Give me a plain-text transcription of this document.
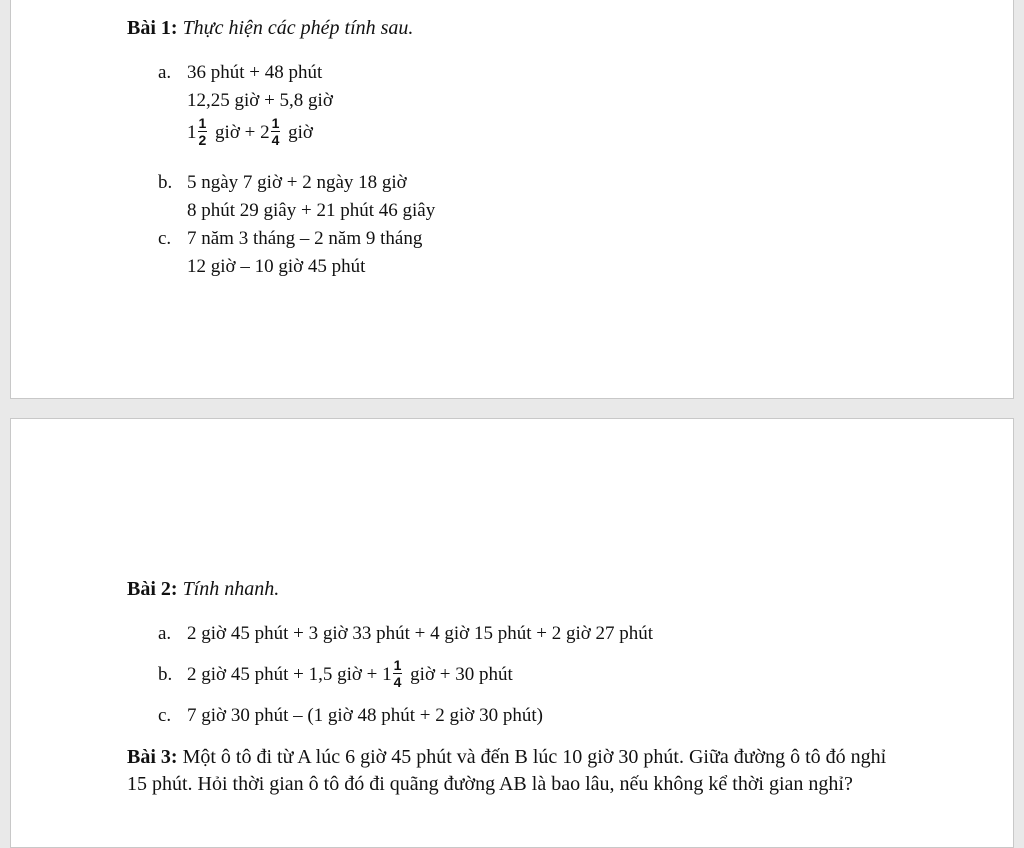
Bài 1: Thực hiện các phép tính sau.
a. 36 phút + 48 phút
12,25 giờ + 5,8 giờ
$1 \frac{1}{2}$ giờ + $2 \frac{1}{4}$ giờ
b. 5 ngày 7 giờ + 2 ngày 18 giờ
8 phút 29 giây + 21 phút 46 giây
c. 7 năm 3 tháng – 2 năm 9 tháng
12 giờ – 10 giờ 45 phút
Bài 2: Tính nhanh.
a. 2 giờ 45 phút + 3 giờ 33 phút + 4 giờ 15 phút + 2 giờ 27 phút
b. 2 giờ 45 phút + 1,5 giờ + $1 \frac{1}{4}$ giờ + 30 phút
c. 7 giờ 30 phút – (1 giờ 48 phút + 2 giờ 30 phút)
Bài 3: Một ô tô đi từ A lúc 6 giờ 45 phút và đến B lúc 10 giờ 30 phút. Giữa đường ô tô đó nghỉ 15 phút. Hỏi thời gian ô tô đó đi quãng đường AB là bao lâu, nếu không kể thời gian nghỉ?
